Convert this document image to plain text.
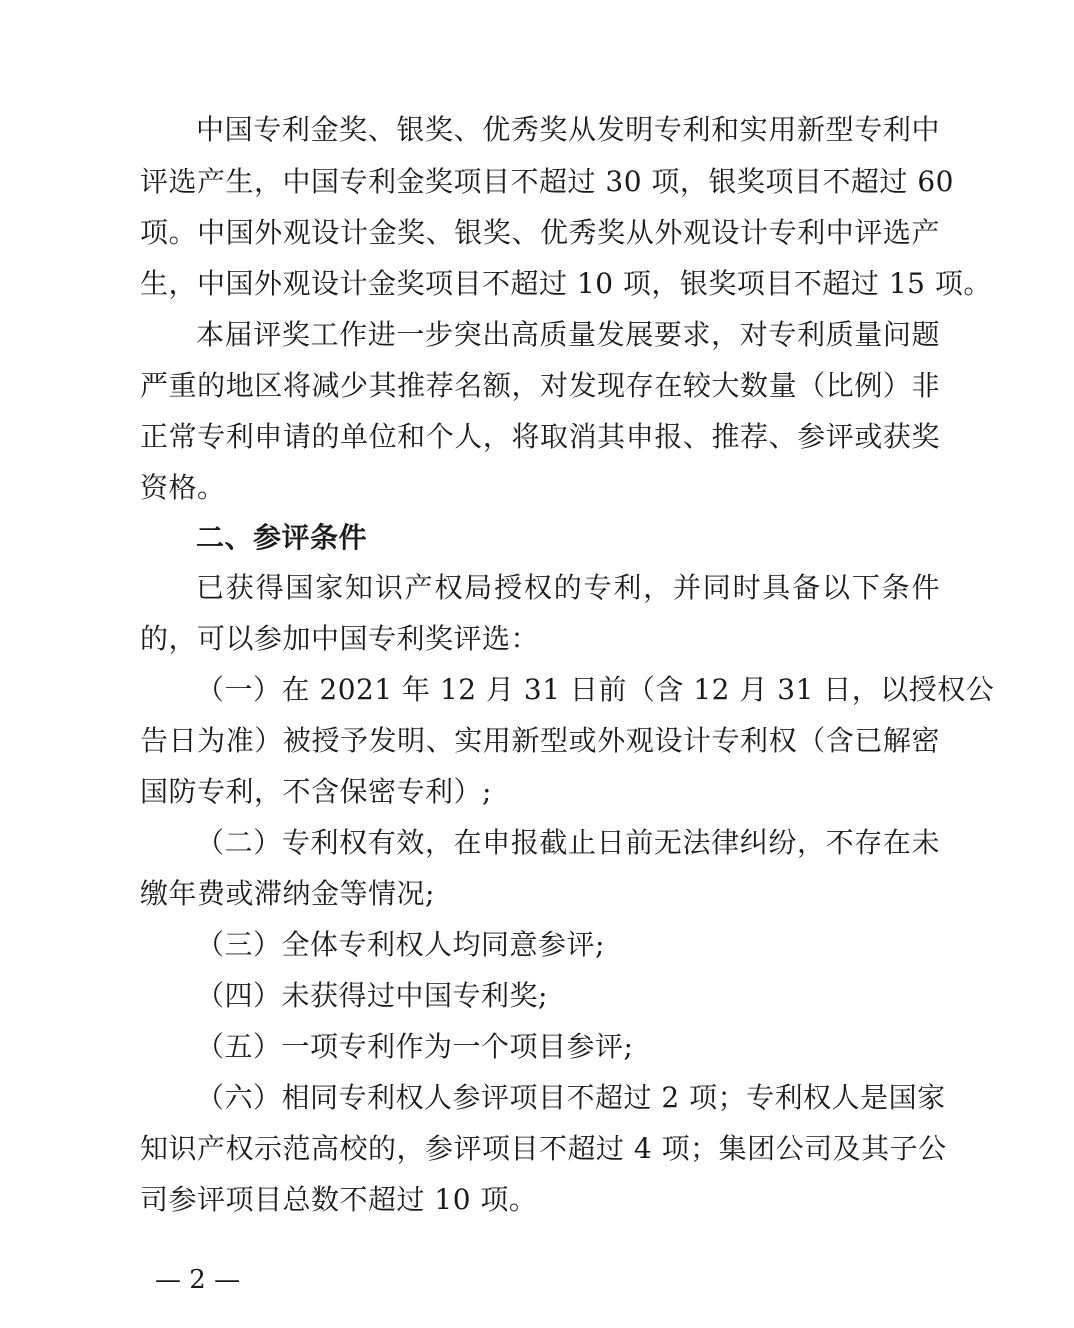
中国专利金奖、银奖、优秀奖从发明专利和实用新型专利中
评选产生，中国专利金奖项目不超过 30 项，银奖项目不超过 60
项。中国外观设计金奖、银奖、优秀奖从外观设计专利中评选产
生，中国外观设计金奖项目不超过 10 项，银奖项目不超过 15 项。
本届评奖工作进一步突出高质量发展要求，对专利质量问题
严重的地区将减少其推荐名额，对发现存在较大数量（比例）非
正常专利申请的单位和个人，将取消其申报、推荐、参评或获奖
资格。
二、参评条件
已获得国家知识产权局授权的专利，并同时具备以下条件
的，可以参加中国专利奖评选：
（一）在 2021 年 12 月 31 日前（含 12 月 31 日，以授权公
告日为准）被授予发明、实用新型或外观设计专利权（含已解密
国防专利，不含保密专利）;
（二）专利权有效，在申报截止日前无法律纠纷，不存在未
缴年费或滞纳金等情况;
（三）全体专利权人均同意参评;
（四）未获得过中国专利奖;
（五）一项专利作为一个项目参评;
（六）相同专利权人参评项目不超过 2 项；专利权人是国家
知识产权示范高校的，参评项目不超过 4 项；集团公司及其子公
司参评项目总数不超过 10 项。
— 2 —
